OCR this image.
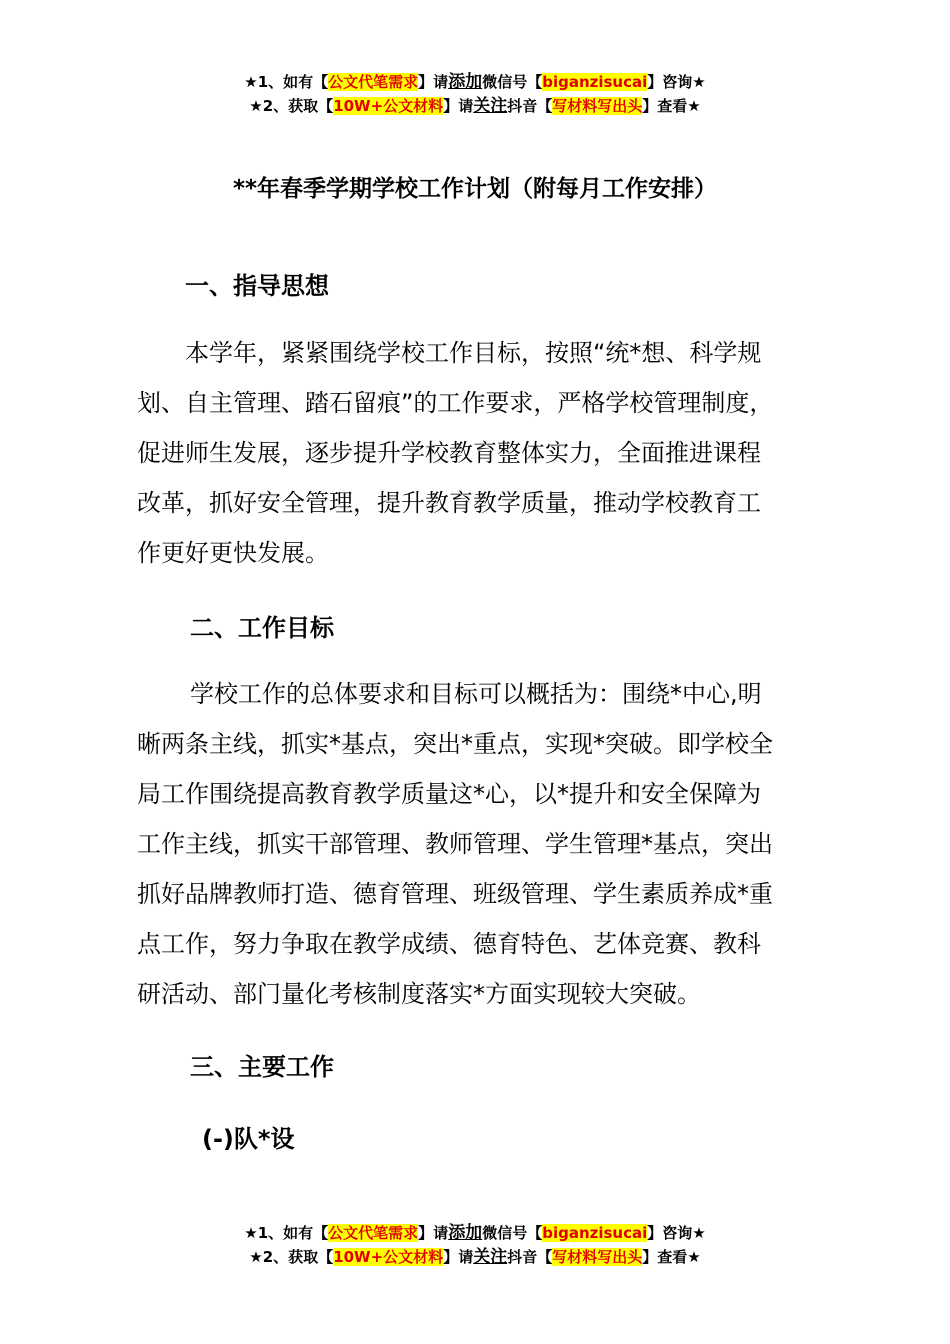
★1、如有【公文代笔需求】请添加微信号【biganzisucai】咨询★
★2、获取【10W+公文材料】请关注抖音【写材料写出头】查看★
**年春季学期学校工作计划（附每月工作安排）
一、指导思想
本学年，紧紧围绕学校工作目标，按照“统*想、科学规
划、自主管理、踏石留痕”的工作要求，严格学校管理制度，
促进师生发展，逐步提升学校教育整体实力，全面推进课程
改革，抓好安全管理，提升教育教学质量，推动学校教育工
作更好更快发展。
二、工作目标
学校工作的总体要求和目标可以概括为：围绕*中心,明
晰两条主线，抓实*基点，突出*重点，实现*突破。即学校全
局工作围绕提高教育教学质量这*心，以*提升和安全保障为
工作主线，抓实干部管理、教师管理、学生管理*基点，突出
抓好品牌教师打造、德育管理、班级管理、学生素质养成*重
点工作，努力争取在教学成绩、德育特色、艺体竞赛、教科
研活动、部门量化考核制度落实*方面实现较大突破。
三、主要工作
(-)队*设
★1、如有【公文代笔需求】请添加微信号【biganzisucai】咨询★
★2、获取【10W+公文材料】请关注抖音【写材料写出头】查看★
